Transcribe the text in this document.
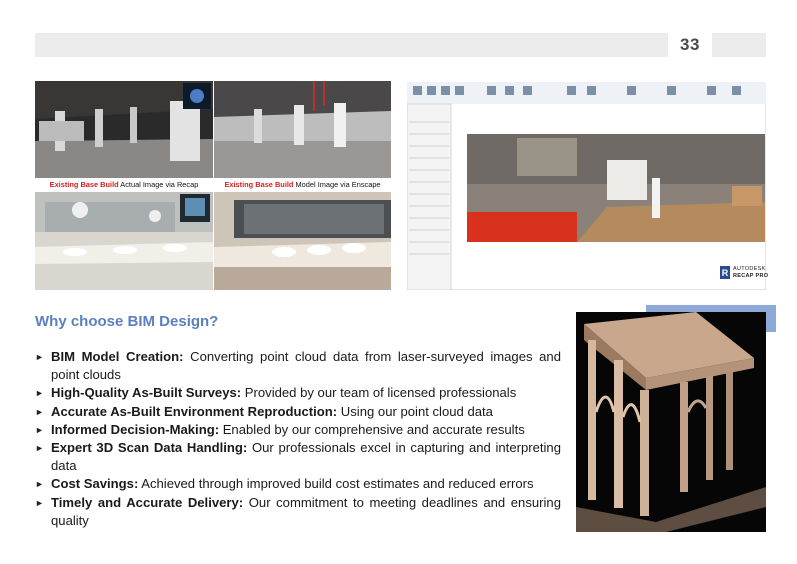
33
Existing Base Build Actual Image via Recap	Existing Base Build Model Image via Enscape
R AUTODESK
RECAP PRO
Why choose BIM Design?
► BIM Model Creation: Converting point cloud data from laser-surveyed images and point clouds
► High-Quality As-Built Surveys: Provided by our team of licensed professionals
► Accurate As-Built Environment Reproduction: Using our point cloud data
► Informed Decision-Making: Enabled by our comprehensive and accurate results
► Expert 3D Scan Data Handling: Our professionals excel in capturing and interpreting data
► Cost Savings: Achieved through improved build cost estimates and reduced errors
► Timely and Accurate Delivery: Our commitment to meeting deadlines and ensuring quality
